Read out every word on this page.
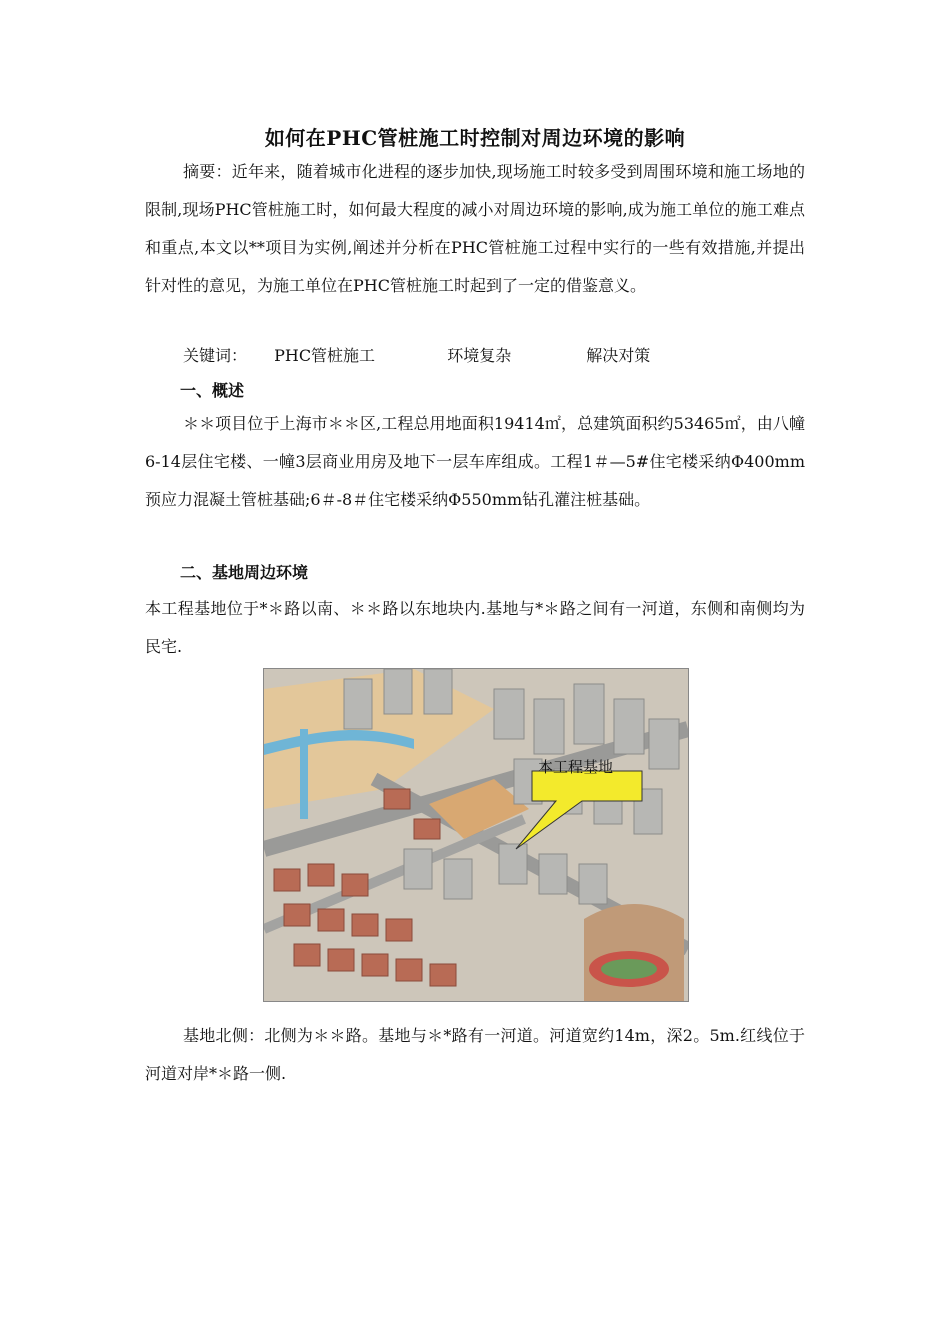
如何在PHC管桩施工时控制对周边环境的影响
摘要：近年来，随着城市化进程的逐步加快,现场施工时较多受到周围环境和施工场地的限制,现场PHC管桩施工时，如何最大程度的减小对周边环境的影响,成为施工单位的施工难点和重点,本文以**项目为实例,阐述并分析在PHC管桩施工过程中实行的一些有效措施,并提出针对性的意见，为施工单位在PHC管桩施工时起到了一定的借鉴意义。
关键词： PHC管桩施工	环境复杂	解决对策
一、概述
＊＊项目位于上海市＊＊区,工程总用地面积19414㎡，总建筑面积约53465㎡，由八幢6-14层住宅楼、一幢3层商业用房及地下一层车库组成。工程1＃—5#住宅楼采纳Φ400mm预应力混凝土管桩基础;6＃-8＃住宅楼采纳Φ550mm钻孔灌注桩基础。
二、基地周边环境
本工程基地位于*＊路以南、＊＊路以东地块内.基地与*＊路之间有一河道，东侧和南侧均为民宅.
本工程基地
基地北侧：北侧为＊＊路。基地与＊*路有一河道。河道宽约14m，深2。5m.红线位于河道对岸*＊路一侧.
